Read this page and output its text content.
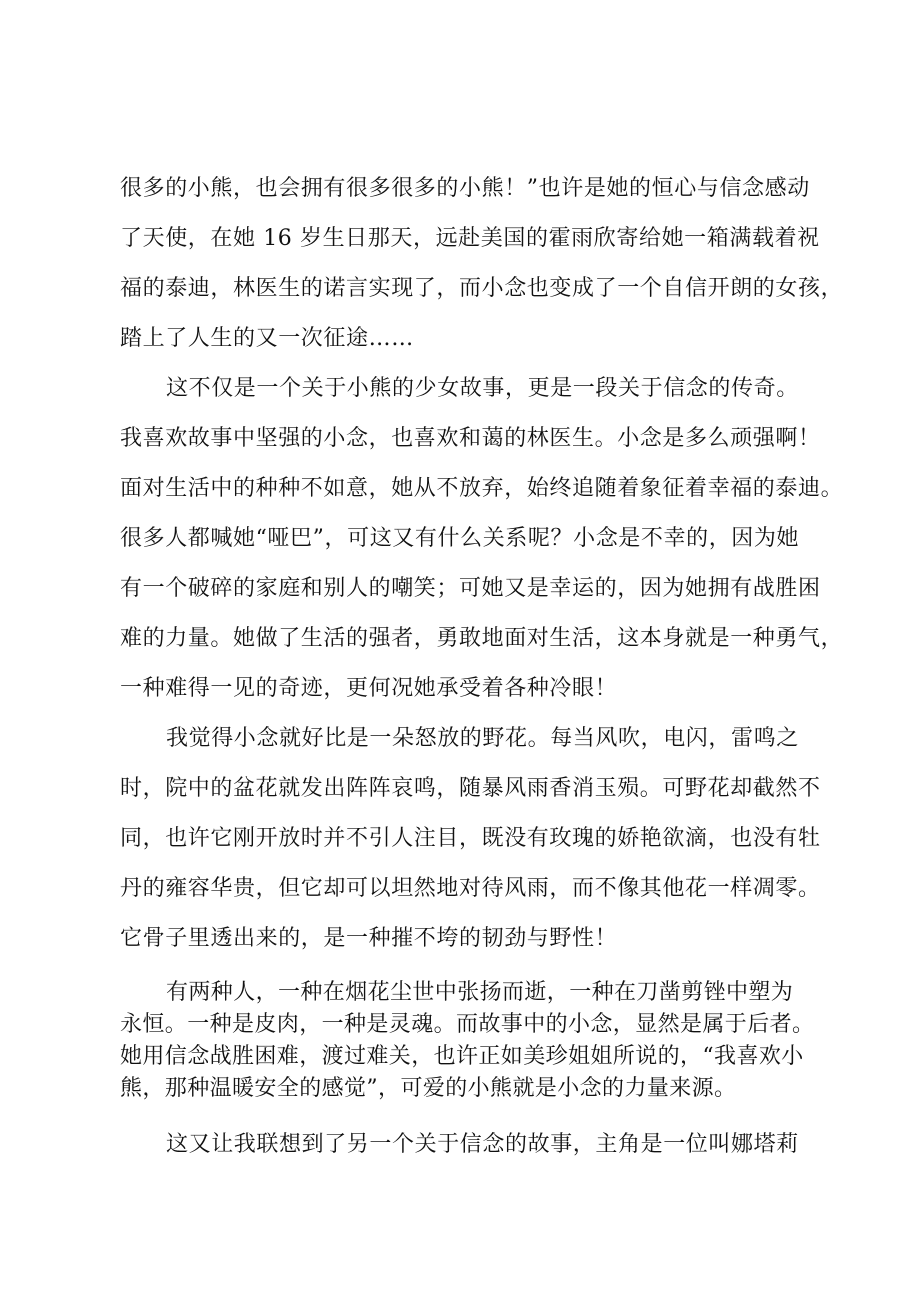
很多的小熊，也会拥有很多很多的小熊！”也许是她的恒心与信念感动
了天使，在她 16 岁生日那天，远赴美国的霍雨欣寄给她一箱满载着祝
福的泰迪，林医生的诺言实现了，而小念也变成了一个自信开朗的女孩，
踏上了人生的又一次征途……
这不仅是一个关于小熊的少女故事，更是一段关于信念的传奇。
我喜欢故事中坚强的小念，也喜欢和蔼的林医生。小念是多么顽强啊！
面对生活中的种种不如意，她从不放弃，始终追随着象征着幸福的泰迪。
很多人都喊她“哑巴”，可这又有什么关系呢？小念是不幸的，因为她
有一个破碎的家庭和别人的嘲笑；可她又是幸运的，因为她拥有战胜困
难的力量。她做了生活的强者，勇敢地面对生活，这本身就是一种勇气，
一种难得一见的奇迹，更何况她承受着各种冷眼！
我觉得小念就好比是一朵怒放的野花。每当风吹，电闪，雷鸣之
时，院中的盆花就发出阵阵哀鸣，随暴风雨香消玉殒。可野花却截然不
同，也许它刚开放时并不引人注目，既没有玫瑰的娇艳欲滴，也没有牡
丹的雍容华贵，但它却可以坦然地对待风雨，而不像其他花一样凋零。
它骨子里透出来的，是一种摧不垮的韧劲与野性！
有两种人，一种在烟花尘世中张扬而逝，一种在刀凿剪锉中塑为
永恒。一种是皮肉，一种是灵魂。而故事中的小念，显然是属于后者。
她用信念战胜困难，渡过难关，也许正如美珍姐姐所说的，“我喜欢小
熊，那种温暖安全的感觉”，可爱的小熊就是小念的力量来源。
这又让我联想到了另一个关于信念的故事，主角是一位叫娜塔莉
